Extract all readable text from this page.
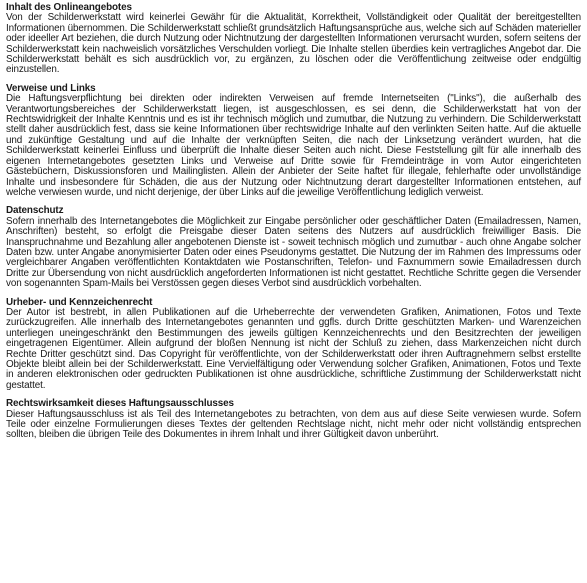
Inhalt des Onlineangebotes

Von der Schilderwerkstatt wird keinerlei Gewähr für die Aktualität, Korrektheit, Vollständigkeit oder Qualität der bereitgestellten Informationen übernommen. Die Schilderwerkstatt schließt grundsätzlich Haftungsansprüche aus, welche sich auf Schäden materieller oder ideeller Art beziehen, die durch Nutzung oder Nichtnutzung der dargestellten Informationen verursacht wurden, sofern seitens der Schilderwerkstatt kein nachweislich vorsätzliches Verschulden vorliegt. Die Inhalte stellen überdies kein vertragliches Angebot dar. Die Schilderwerkstatt behält es sich ausdrücklich vor, zu ergänzen, zu löschen oder die Veröffentlichung zeitweise oder endgültig einzustellen.

Verweise und Links

Die Haftungsverpflichtung bei direkten oder indirekten Verweisen auf fremde Internetseiten ("Links"), die außerhalb des Verantwortungsbereiches der Schilderwerkstatt liegen, ist ausgeschlossen, es sei denn, die Schilderwerkstatt hat von der Rechtswidrigkeit der Inhalte Kenntnis und es ist ihr technisch möglich und zumutbar, die Nutzung zu verhindern. Die Schilderwerkstatt stellt daher ausdrücklich fest, dass sie keine Informationen über rechtswidrige Inhalte auf den verlinkten Seiten hatte. Auf die aktuelle und zukünftige Gestaltung und auf die Inhalte der verknüpften Seiten, die nach der Linksetzung verändert wurden, hat die Schilderwerkstatt keinerlei Einfluss und überprüft die Inhalte dieser Seiten auch nicht. Diese Feststellung gilt für alle innerhalb des eigenen Internetangebotes gesetzten Links und Verweise auf Dritte sowie für Fremdeinträge in vom Autor eingerichteten Gästebüchern, Diskussionsforen und Mailinglisten. Allein der Anbieter der Seite haftet für illegale, fehlerhafte oder unvollständige Inhalte und insbesondere für Schäden, die aus der Nutzung oder Nichtnutzung derart dargestellter Informationen entstehen, auf welche verwiesen wurde, und nicht derjenige, der über Links auf die jeweilige Veröffentlichung lediglich verweist.

Datenschutz

Sofern innerhalb des Internetangebotes die Möglichkeit zur Eingabe persönlicher oder geschäftlicher Daten (Emailadressen, Namen, Anschriften) besteht, so erfolgt die Preisgabe dieser Daten seitens des Nutzers auf ausdrücklich freiwilliger Basis. Die Inanspruchnahme und Bezahlung aller angebotenen Dienste ist - soweit technisch möglich und zumutbar - auch ohne Angabe solcher Daten bzw. unter Angabe anonymisierter Daten oder eines Pseudonyms gestattet. Die Nutzung der im Rahmen des Impressums oder vergleichbarer Angaben veröffentlichten Kontaktdaten wie Postanschriften, Telefon- und Faxnummern sowie Emailadressen durch Dritte zur Übersendung von nicht ausdrücklich angeforderten Informationen ist nicht gestattet. Rechtliche Schritte gegen die Versender von sogenannten Spam-Mails bei Verstössen gegen dieses Verbot sind ausdrücklich vorbehalten.

Urheber- und Kennzeichenrecht

Der Autor ist bestrebt, in allen Publikationen auf die Urheberrechte der verwendeten Grafiken, Animationen, Fotos und Texte zurückzugreifen. Alle innerhalb des Internetangebotes genannten und ggfls. durch Dritte geschützten Marken- und Warenzeichen unterliegen uneingeschränkt den Bestimmungen des jeweils gültigen Kennzeichenrechts und den Besitzrechten der jeweiligen eingetragenen Eigentümer. Allein aufgrund der bloßen Nennung ist nicht der Schluß zu ziehen, dass Markenzeichen nicht durch Rechte Dritter geschützt sind. Das Copyright für veröffentlichte, von der Schilderwerkstatt oder ihren Auftragnehmern selbst erstellte Objekte bleibt allein bei der Schilderwerkstatt. Eine Vervielfältigung oder Verwendung solcher Grafiken, Animationen, Fotos und Texte in anderen elektronischen oder gedruckten Publikationen ist ohne ausdrückliche, schriftliche Zustimmung der Schilderwerkstatt nicht gestattet.

Rechtswirksamkeit dieses Haftungsausschlusses

Dieser Haftungsausschluss ist als Teil des Internetangebotes zu betrachten, von dem aus auf diese Seite verwiesen wurde. Sofern Teile oder einzelne Formulierungen dieses Textes der geltenden Rechtslage nicht, nicht mehr oder nicht vollständig entsprechen sollten, bleiben die übrigen Teile des Dokumentes in ihrem Inhalt und ihrer Gültigkeit davon unberührt.
